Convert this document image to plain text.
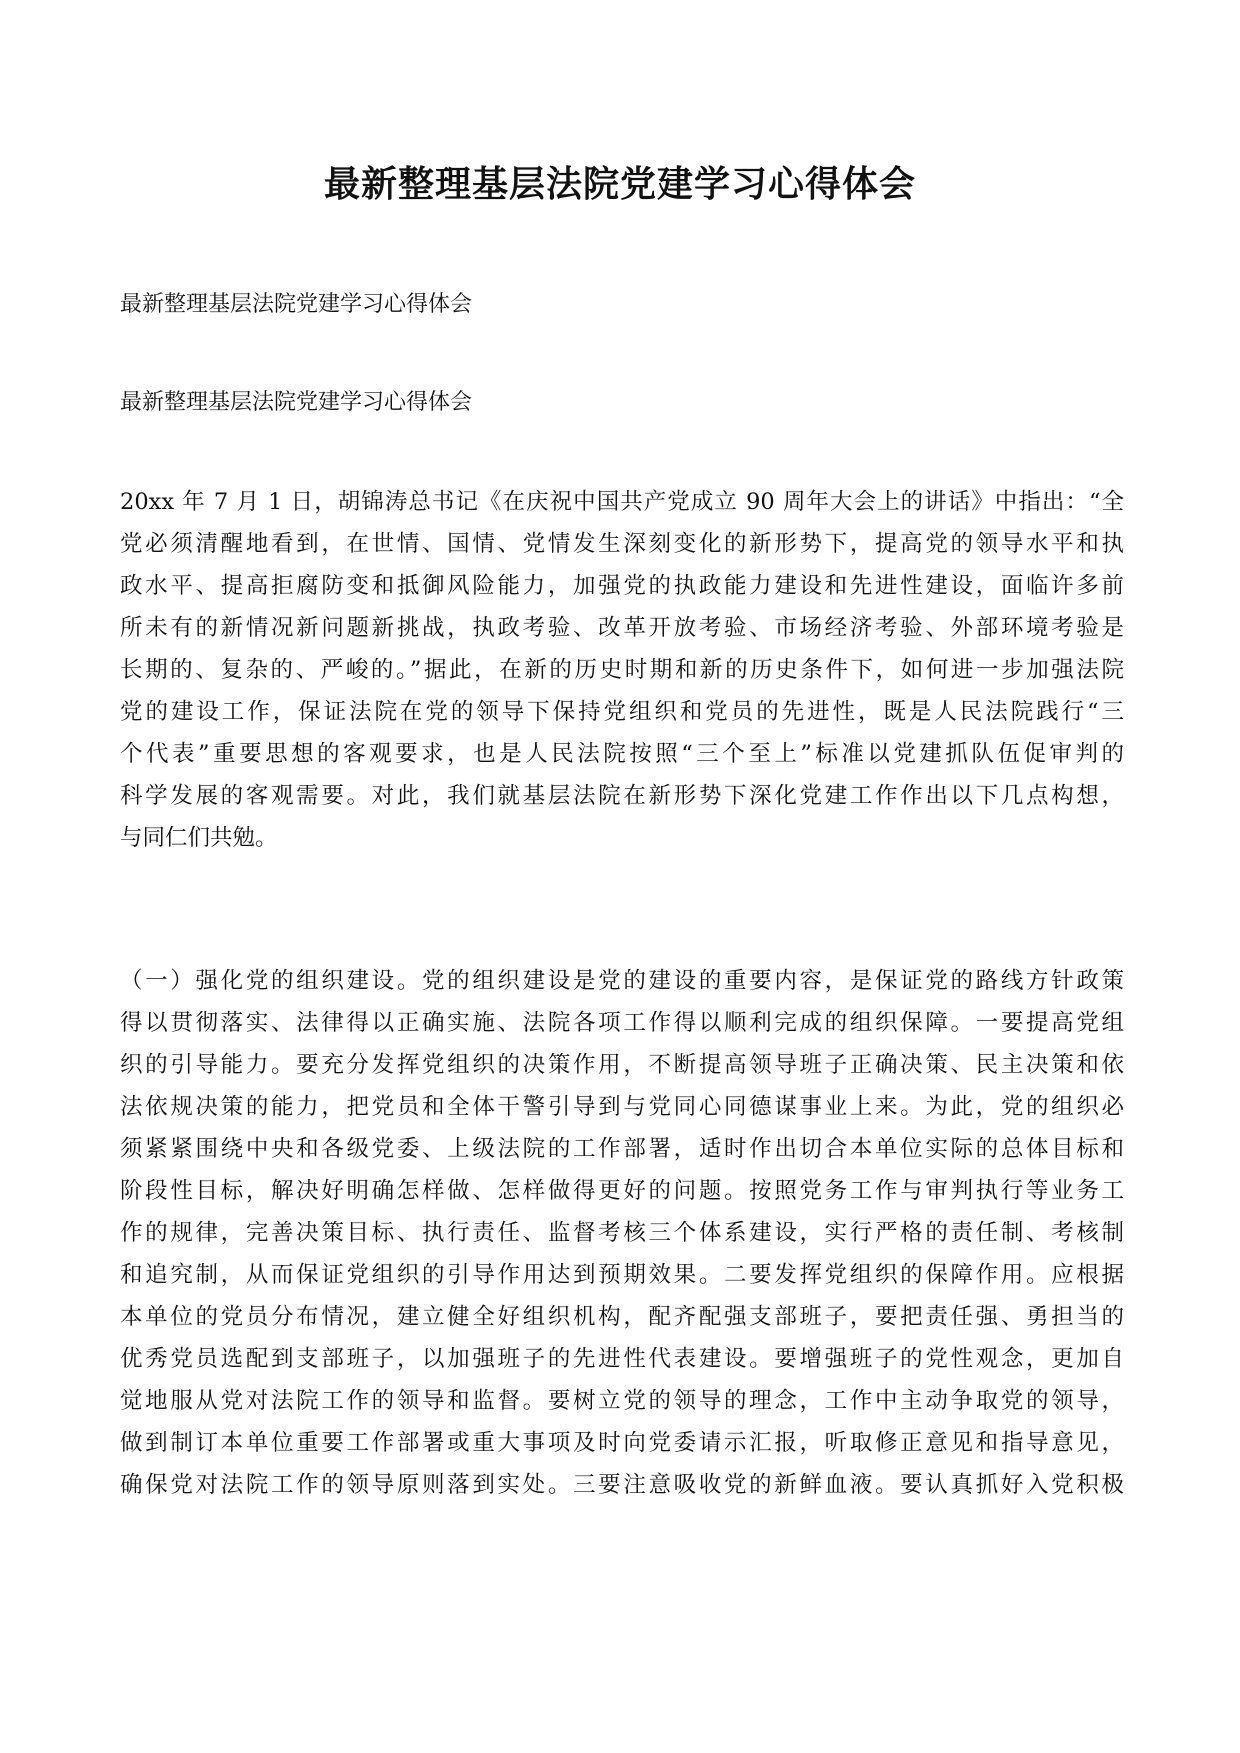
最新整理基层法院党建学习心得体会
最新整理基层法院党建学习心得体会
最新整理基层法院党建学习心得体会
20xx 年 7 月 1 日，胡锦涛总书记《在庆祝中国共产党成立 90 周年大会上的讲话》中指出：“全
党必须清醒地看到，在世情、国情、党情发生深刻变化的新形势下，提高党的领导水平和执
政水平、提高拒腐防变和抵御风险能力，加强党的执政能力建设和先进性建设，面临许多前
所未有的新情况新问题新挑战，执政考验、改革开放考验、市场经济考验、外部环境考验是
长期的、复杂的、严峻的。”据此，在新的历史时期和新的历史条件下，如何进一步加强法院
党的建设工作，保证法院在党的领导下保持党组织和党员的先进性，既是人民法院践行“三
个代表”重要思想的客观要求，也是人民法院按照“三个至上”标准以党建抓队伍促审判的
科学发展的客观需要。对此，我们就基层法院在新形势下深化党建工作作出以下几点构想，
与同仁们共勉。
（一）强化党的组织建设。党的组织建设是党的建设的重要内容，是保证党的路线方针政策
得以贯彻落实、法律得以正确实施、法院各项工作得以顺利完成的组织保障。一要提高党组
织的引导能力。要充分发挥党组织的决策作用，不断提高领导班子正确决策、民主决策和依
法依规决策的能力，把党员和全体干警引导到与党同心同德谋事业上来。为此，党的组织必
须紧紧围绕中央和各级党委、上级法院的工作部署，适时作出切合本单位实际的总体目标和
阶段性目标，解决好明确怎样做、怎样做得更好的问题。按照党务工作与审判执行等业务工
作的规律，完善决策目标、执行责任、监督考核三个体系建设，实行严格的责任制、考核制
和追究制，从而保证党组织的引导作用达到预期效果。二要发挥党组织的保障作用。应根据
本单位的党员分布情况，建立健全好组织机构，配齐配强支部班子，要把责任强、勇担当的
优秀党员选配到支部班子，以加强班子的先进性代表建设。要增强班子的党性观念，更加自
觉地服从党对法院工作的领导和监督。要树立党的领导的理念，工作中主动争取党的领导，
做到制订本单位重要工作部署或重大事项及时向党委请示汇报，听取修正意见和指导意见，
确保党对法院工作的领导原则落到实处。三要注意吸收党的新鲜血液。要认真抓好入党积极
